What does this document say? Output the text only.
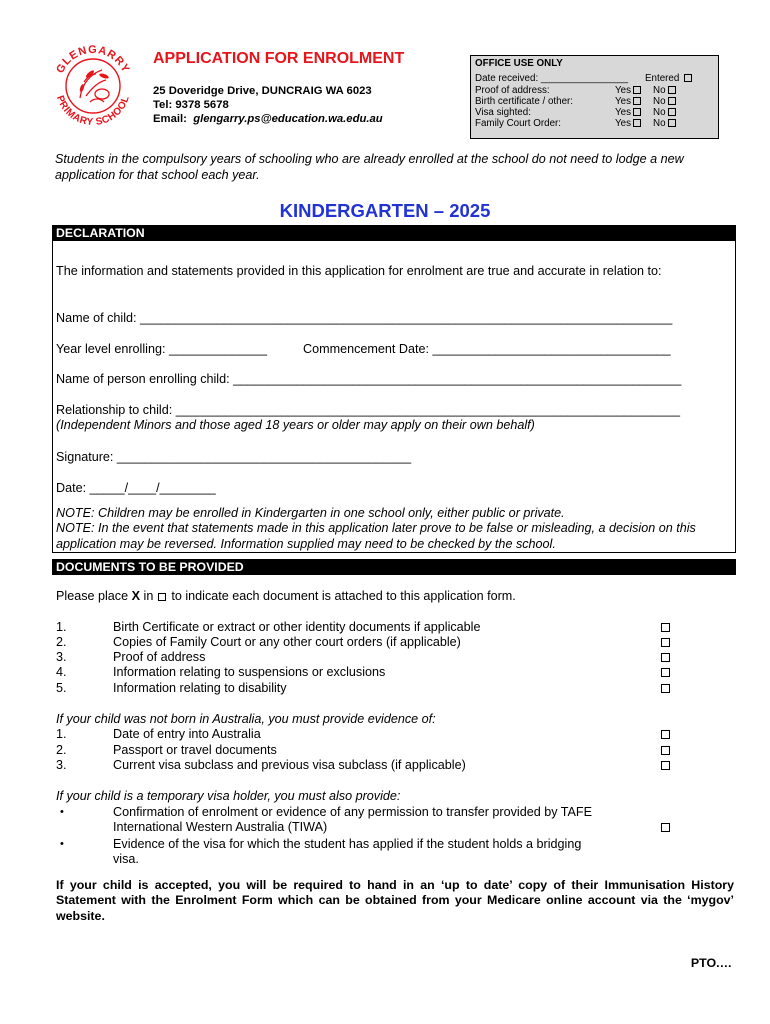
GLENGARRY
PRIMARY SCHOOL
APPLICATION FOR ENROLMENT
25 Doveridge Drive, DUNCRAIG WA 6023
Tel: 9378 5678
Email: glengarry.ps@education.wa.edu.au
OFFICE USE ONLY
Date received: ________________ Entered
Proof of address:	Yes	No
Birth certificate / other:	Yes	No
Visa sighted:	Yes	No
Family Court Order:	Yes	No
Students in the compulsory years of schooling who are already enrolled at the school do not need to lodge a new application for that school each year.
KINDERGARTEN – 2025
DECLARATION
The information and statements provided in this application for enrolment are true and accurate in relation to:
Name of child: ____________________________________________________________________________
Year level enrolling: ______________	Commencement Date: __________________________________
Name of person enrolling child: ________________________________________________________________
Relationship to child: ________________________________________________________________________
(Independent Minors and those aged 18 years or older may apply on their own behalf)
Signature: __________________________________________
Date: _____/____/________
NOTE: Children may be enrolled in Kindergarten in one school only, either public or private.
NOTE: In the event that statements made in this application later prove to be false or misleading, a decision on this application may be reversed. Information supplied may need to be checked by the school.
DOCUMENTS TO BE PROVIDED
Please place X in  to indicate each document is attached to this application form.
1.	Birth Certificate or extract or other identity documents if applicable
2.	Copies of Family Court or any other court orders (if applicable)
3.	Proof of address
4.	Information relating to suspensions or exclusions
5.	Information relating to disability
If your child was not born in Australia, you must provide evidence of:
1.	Date of entry into Australia
2.	Passport or travel documents
3.	Current visa subclass and previous visa subclass (if applicable)
If your child is a temporary visa holder, you must also provide:
•	Confirmation of enrolment or evidence of any permission to transfer provided by TAFE
International Western Australia (TIWA)
•	Evidence of the visa for which the student has applied if the student holds a bridging
visa.
If your child is accepted, you will be required to hand in an ‘up to date’ copy of their Immunisation History Statement with the Enrolment Form which can be obtained from your Medicare online account via the ‘mygov’ website.
PTO.…
